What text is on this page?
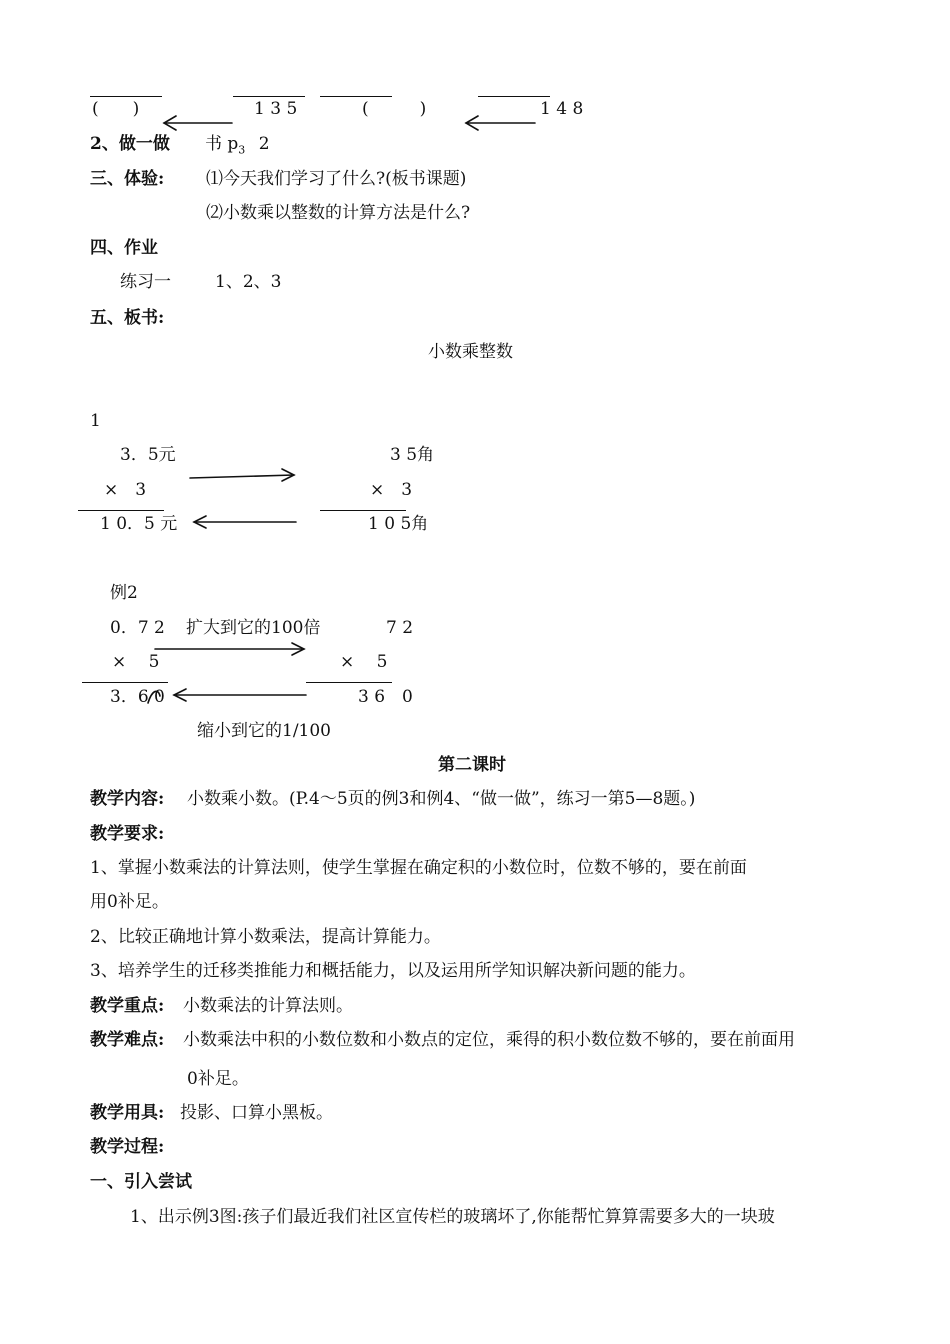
(　　)	1 3 5	(　　　)	1 4 8
2、做一做 书 $p_3$ 2
三、体验: ⑴今天我们学习了什么?(板书课题)
⑵小数乘以整数的计算方法是什么?
四、作业
练习一	1、2、3
五、板书:
小数乘整数
1
3．5元	3 5角
×　3	×　3
1 0．5 元	1 0 5角
例2
0．7 2 扩大到它的100倍	7 2
×　 5	×　 5
3．6 0	3 6　0
缩小到它的1/100
第二课时
教学内容: 小数乘小数。(P.4～5页的例3和例4、“做一做”，练习一第5—8题。)
教学要求:
1、掌握小数乘法的计算法则，使学生掌握在确定积的小数位时，位数不够的，要在前面
用0补足。
2、比较正确地计算小数乘法，提高计算能力。
3、培养学生的迁移类推能力和概括能力，以及运用所学知识解决新问题的能力。
教学重点: 小数乘法的计算法则。
教学难点: 小数乘法中积的小数位数和小数点的定位，乘得的积小数位数不够的，要在前面用
0补足。
教学用具: 投影、口算小黑板。
教学过程:
一、引入尝试
1、出示例3图:孩子们最近我们社区宣传栏的玻璃坏了,你能帮忙算算需要多大的一块玻
